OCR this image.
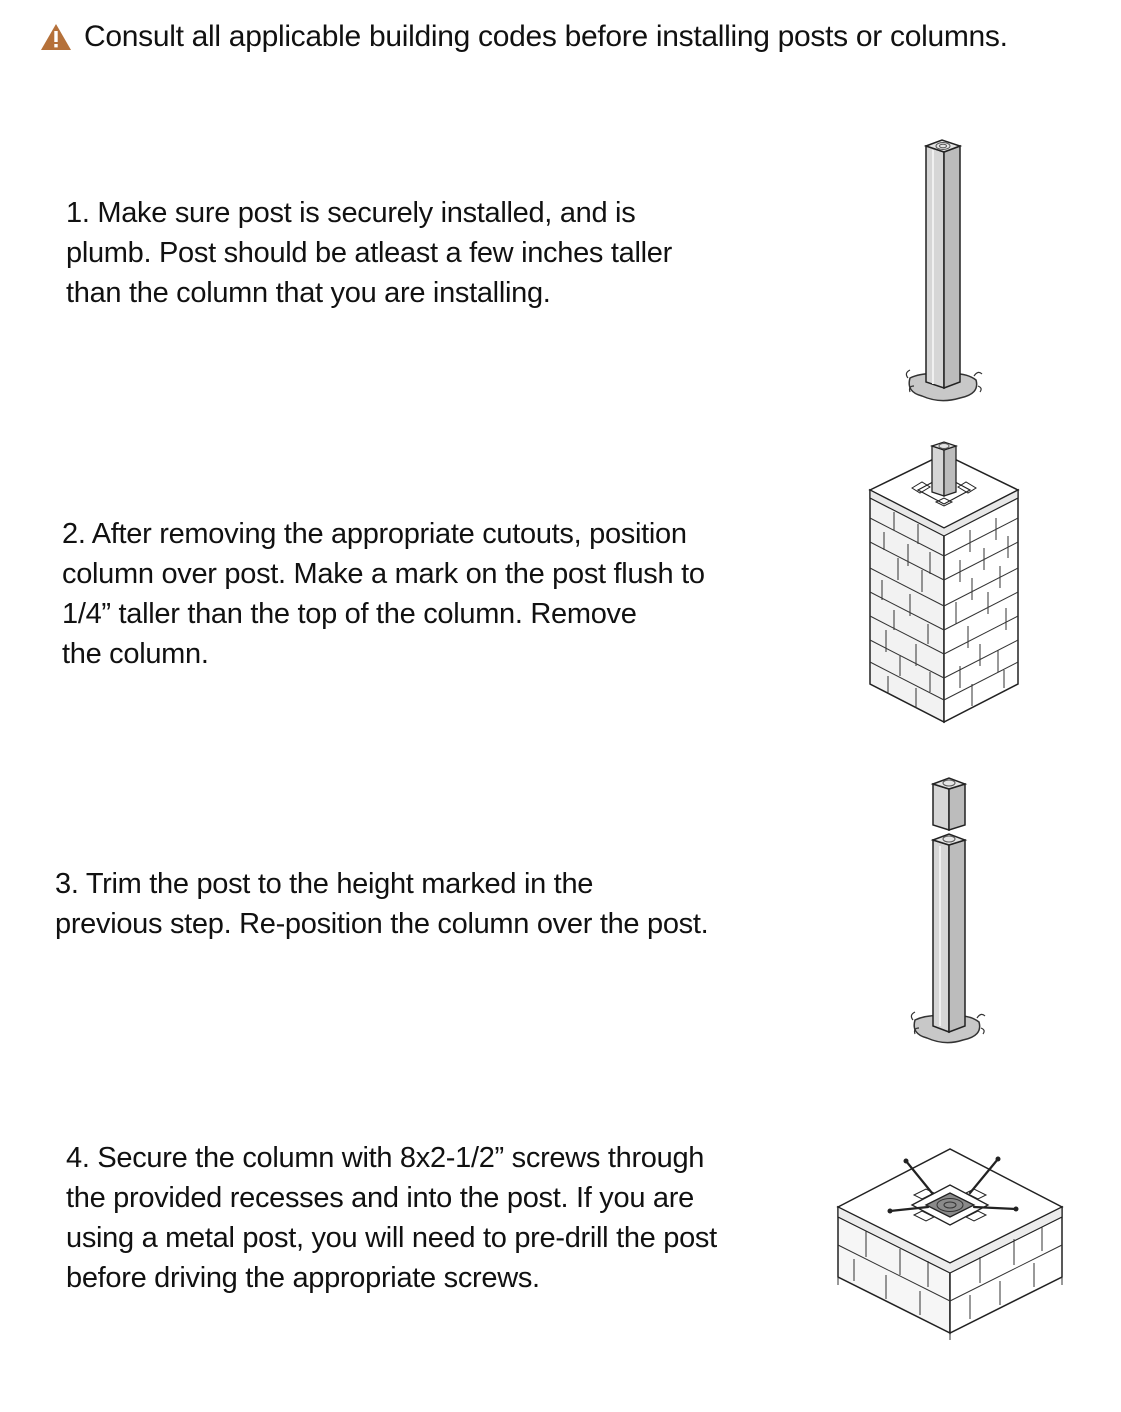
Consult all applicable building codes before installing posts or columns.
1. Make sure post is securely installed, and is
plumb. Post should be atleast a few inches taller
than the column that you are installing.
2. After removing the appropriate cutouts, position
column over post. Make a mark on the post flush to
1/4” taller than the top of the column. Remove
the column.
3. Trim the post to the height marked in the
previous step. Re-position the column over the post.
4. Secure the column with 8x2-1/2” screws through
the provided recesses and into the post. If you are
using a metal post, you will need to pre-drill the post
before driving the appropriate screws.
